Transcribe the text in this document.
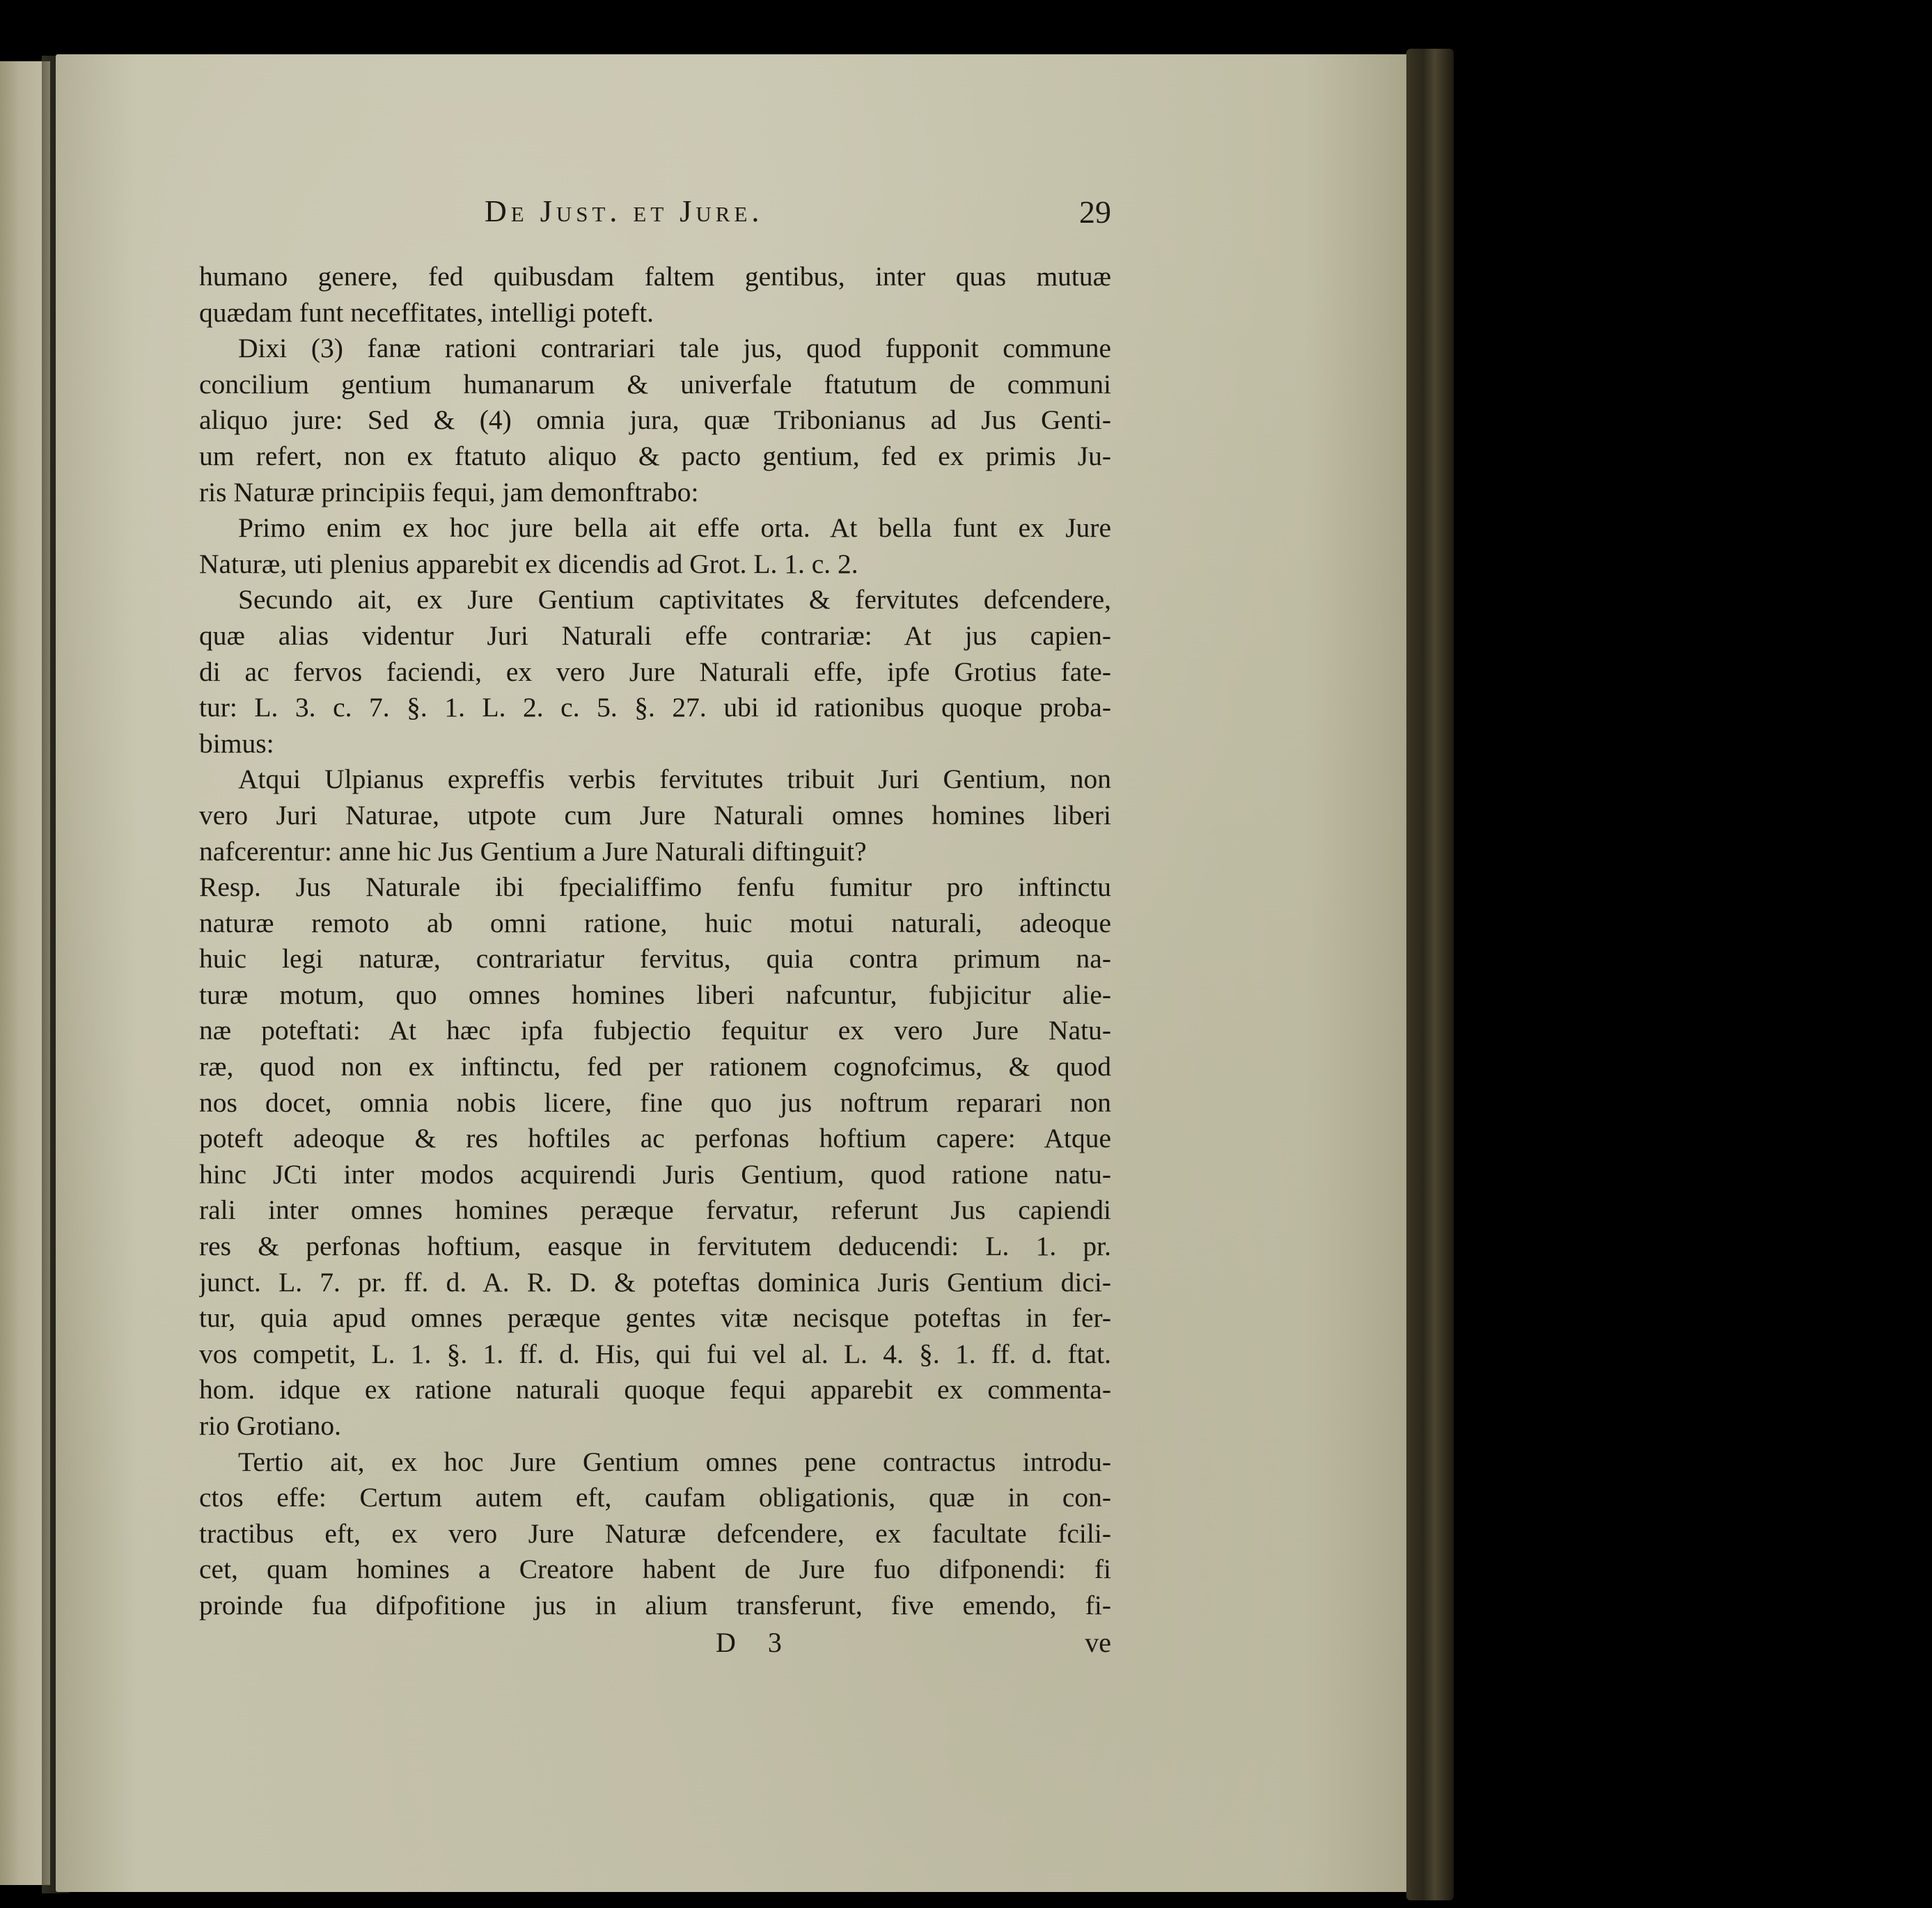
De Just. et Jure.	29
humano genere, fed quibusdam faltem gentibus, inter quas mutuæ
quædam funt neceffitates, intelligi poteft.
Dixi (3) fanæ rationi contrariari tale jus, quod fupponit commune
concilium gentium humanarum & univerfale ftatutum de communi
aliquo jure: Sed & (4) omnia jura, quæ Tribonianus ad Jus Genti-
um refert, non ex ftatuto aliquo & pacto gentium, fed ex primis Ju-
ris Naturæ principiis fequi, jam demonftrabo:
Primo enim ex hoc jure bella ait effe orta. At bella funt ex Jure
Naturæ, uti plenius apparebit ex dicendis ad Grot. L. 1. c. 2.
Secundo ait, ex Jure Gentium captivitates & fervitutes defcendere,
quæ alias videntur Juri Naturali effe contrariæ: At jus capien-
di ac fervos faciendi, ex vero Jure Naturali effe, ipfe Grotius fate-
tur: L. 3. c. 7. §. 1. L. 2. c. 5. §. 27. ubi id rationibus quoque proba-
bimus:
Atqui Ulpianus expreffis verbis fervitutes tribuit Juri Gentium, non
vero Juri Naturae, utpote cum Jure Naturali omnes homines liberi
nafcerentur: anne hic Jus Gentium a Jure Naturali diftinguit?
Resp. Jus Naturale ibi fpecialiffimo fenfu fumitur pro inftinctu
naturæ remoto ab omni ratione, huic motui naturali, adeoque
huic legi naturæ, contrariatur fervitus, quia contra primum na-
turæ motum, quo omnes homines liberi nafcuntur, fubjicitur alie-
næ poteftati: At hæc ipfa fubjectio fequitur ex vero Jure Natu-
ræ, quod non ex inftinctu, fed per rationem cognofcimus, & quod
nos docet, omnia nobis licere, fine quo jus noftrum reparari non
poteft adeoque & res hoftiles ac perfonas hoftium capere: Atque
hinc JCti inter modos acquirendi Juris Gentium, quod ratione natu-
rali inter omnes homines peræque fervatur, referunt Jus capiendi
res & perfonas hoftium, easque in fervitutem deducendi: L. 1. pr.
junct. L. 7. pr. ff. d. A. R. D. & poteftas dominica Juris Gentium dici-
tur, quia apud omnes peræque gentes vitæ necisque poteftas in fer-
vos competit, L. 1. §. 1. ff. d. His, qui fui vel al. L. 4. §. 1. ff. d. ftat.
hom. idque ex ratione naturali quoque fequi apparebit ex commenta-
rio Grotiano.
Tertio ait, ex hoc Jure Gentium omnes pene contractus introdu-
ctos effe: Certum autem eft, caufam obligationis, quæ in con-
tractibus eft, ex vero Jure Naturæ defcendere, ex facultate fcili-
cet, quam homines a Creatore habent de Jure fuo difponendi: fi
proinde fua difpofitione jus in alium transferunt, five emendo, fi-
D 3	ve
